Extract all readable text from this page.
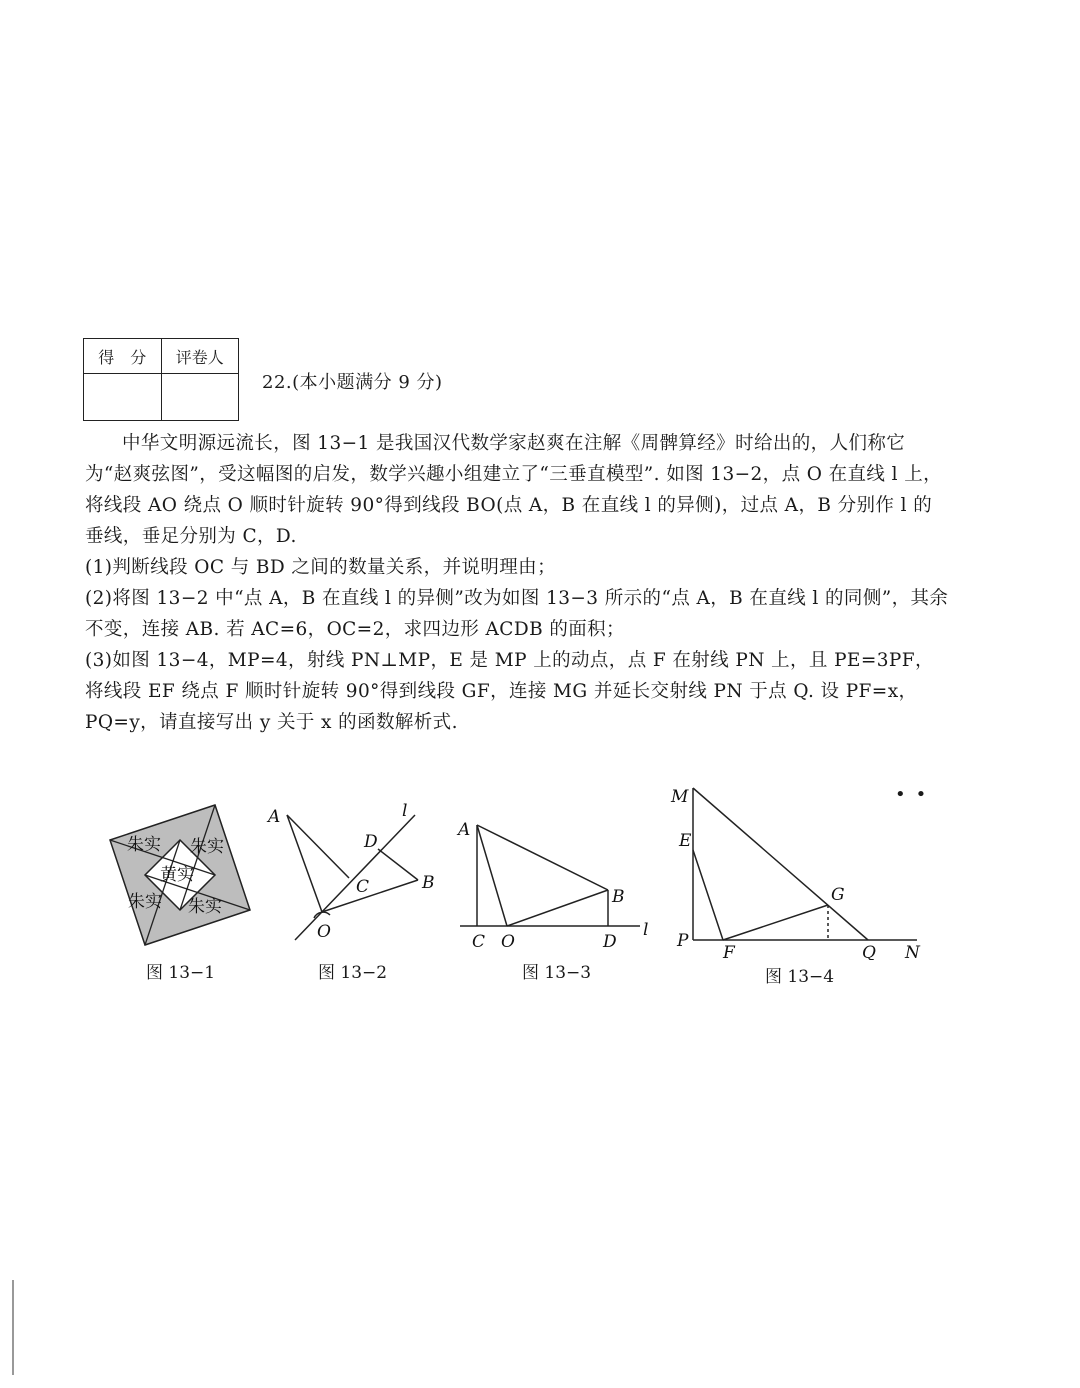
得　分	评卷人

22.(本小题满分 9 分)

中华文明源远流长，图 13−1 是我国汉代数学家赵爽在注解《周髀算经》时给出的，人们称它为“赵爽弦图”，受这幅图的启发，数学兴趣小组建立了“三垂直模型”. 如图 13−2，点 O 在直线 l 上，将线段 AO 绕点 O 顺时针旋转 90°得到线段 BO(点 A，B 在直线 l 的异侧)，过点 A，B 分别作 l 的垂线，垂足分别为 C，D.

(1)判断线段 OC 与 BD 之间的数量关系，并说明理由；

(2)将图 13−2 中“点 A，B 在直线 l 的异侧”改为如图 13−3 所示的“点 A，B 在直线 l 的同侧”，其余不变，连接 AB. 若 AC=6，OC=2，求四边形 ACDB 的面积；

(3)如图 13−4，MP=4，射线 PN⊥MP，E 是 MP 上的动点，点 F 在射线 PN 上，且 PE=3PF，将线段 EF 绕点 F 顺时针旋转 90°得到线段 GF，连接 MG 并延长交射线 PN 于点 Q. 设 PF=x，PQ=y，请直接写出 y 关于 x 的函数解析式.

••
朱实 朱实
朱实 朱实
黄实
图 13−1
A
D
l
C	B
O
图 13−2
A
B
C O	D
l
图 13−3
M
E
P
F
G
Q N
图 13−4
